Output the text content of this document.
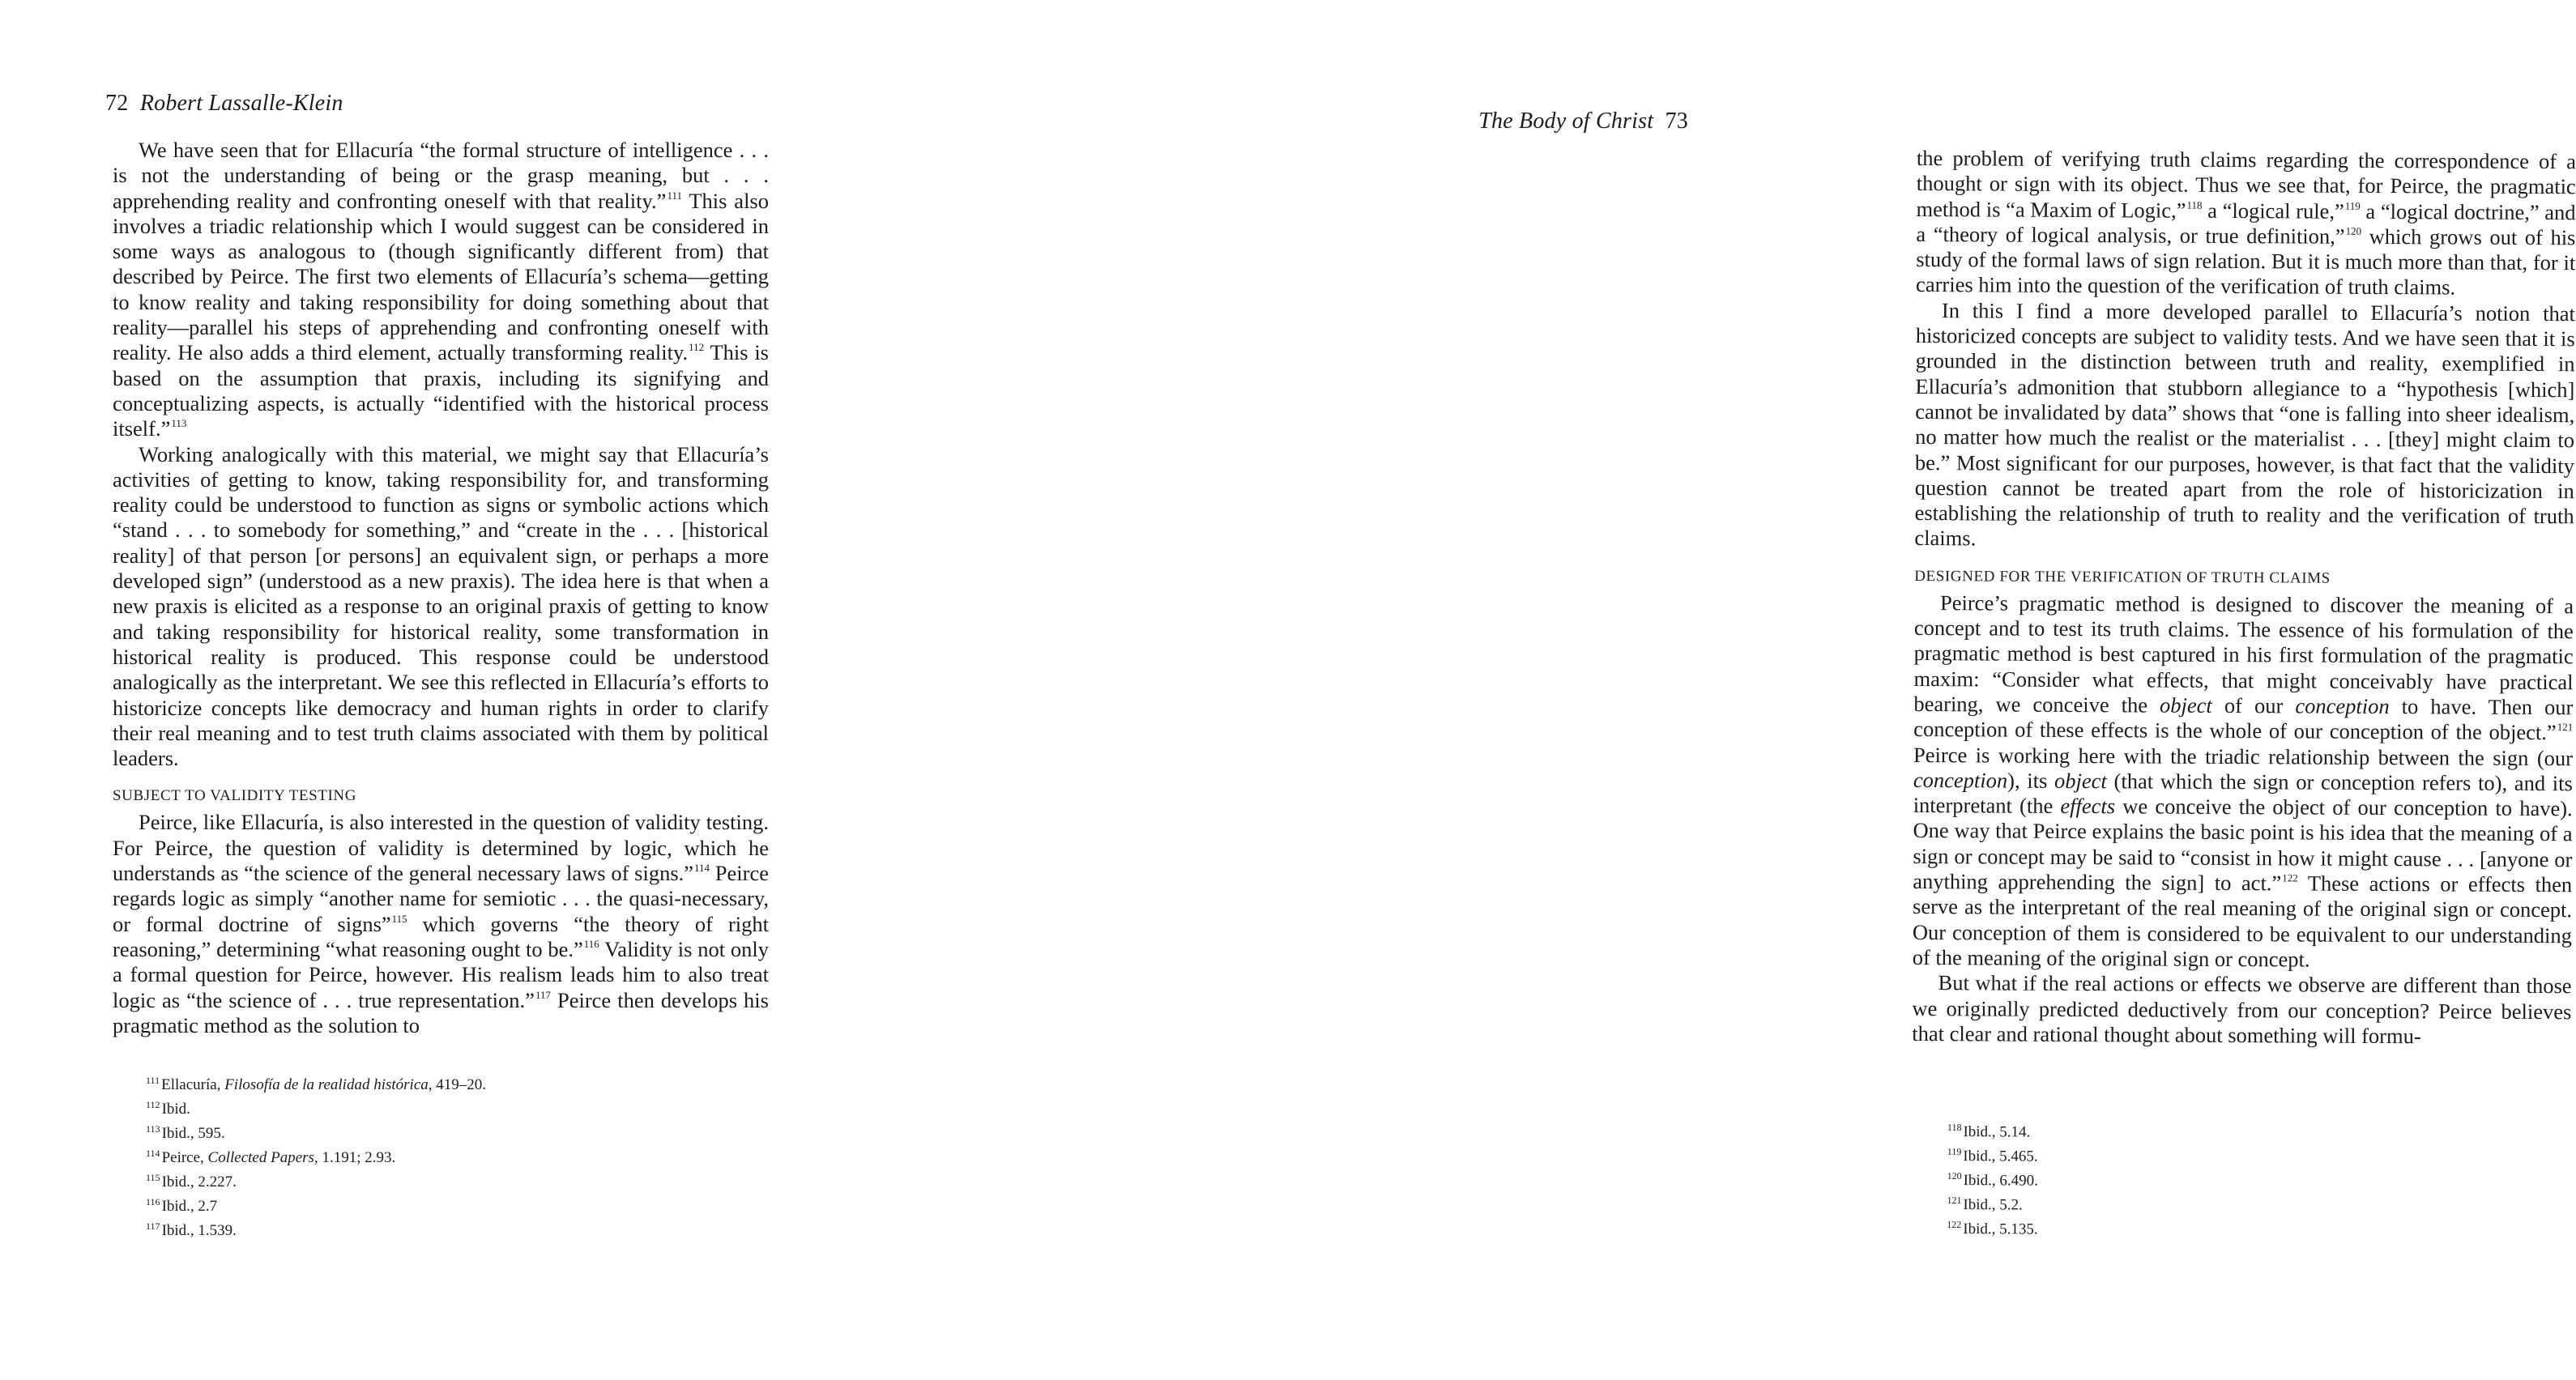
72 Robert Lassalle-Klein

We have seen that for Ellacuría “the formal structure of intelligence . . . is not the understanding of being or the grasp meaning, but . . . apprehending reality and confronting oneself with that reality.”$^{111}$ This also involves a triadic relationship which I would suggest can be considered in some ways as analogous to (though significantly different from) that described by Peirce. The first two elements of Ellacuría’s schema—getting to know reality and taking responsibility for doing something about that reality—parallel his steps of apprehending and confronting oneself with reality. He also adds a third element, actually transforming reality.$^{112}$ This is based on the assumption that praxis, including its signifying and conceptualizing aspects, is actually “identified with the historical process itself.”$^{113}$

Working analogically with this material, we might say that Ellacuría’s activities of getting to know, taking responsibility for, and transforming reality could be understood to function as signs or symbolic actions which “stand . . . to somebody for something,” and “create in the . . . [historical reality] of that person [or persons] an equivalent sign, or perhaps a more developed sign” (understood as a new praxis). The idea here is that when a new praxis is elicited as a response to an original praxis of getting to know and taking responsibility for historical reality, some transformation in historical reality is produced. This response could be understood analogically as the interpretant. We see this reflected in Ellacuría’s efforts to historicize concepts like democracy and human rights in order to clarify their real meaning and to test truth claims associated with them by political leaders.

SUBJECT TO VALIDITY TESTING

Peirce, like Ellacuría, is also interested in the question of validity testing. For Peirce, the question of validity is determined by logic, which he understands as “the science of the general necessary laws of signs.”$^{114}$ Peirce regards logic as simply “another name for semiotic . . . the quasi-necessary, or formal doctrine of signs”$^{115}$ which governs “the theory of right reasoning,” determining “what reasoning ought to be.”$^{116}$ Validity is not only a formal question for Peirce, however. His realism leads him to also treat logic as “the science of . . . true representation.”$^{117}$ Peirce then develops his pragmatic method as the solution to

$^{111}$ Ellacuría, Filosofía de la realidad histórica, 419–20.
$^{112}$ Ibid.
$^{113}$ Ibid., 595.
$^{114}$ Peirce, Collected Papers, 1.191; 2.93.
$^{115}$ Ibid., 2.227.
$^{116}$ Ibid., 2.7
$^{117}$ Ibid., 1.539.
The Body of Christ 73

the problem of verifying truth claims regarding the correspondence of a thought or sign with its object. Thus we see that, for Peirce, the pragmatic method is “a Maxim of Logic,”$^{118}$ a “logical rule,”$^{119}$ a “logical doctrine,” and a “theory of logical analysis, or true definition,”$^{120}$ which grows out of his study of the formal laws of sign relation. But it is much more than that, for it carries him into the question of the verification of truth claims.

In this I find a more developed parallel to Ellacuría’s notion that historicized concepts are subject to validity tests. And we have seen that it is grounded in the distinction between truth and reality, exemplified in Ellacuría’s admonition that stubborn allegiance to a “hypothesis [which] cannot be invalidated by data” shows that “one is falling into sheer idealism, no matter how much the realist or the materialist . . . [they] might claim to be.” Most significant for our purposes, however, is that fact that the validity question cannot be treated apart from the role of historicization in establishing the relationship of truth to reality and the verification of truth claims.

DESIGNED FOR THE VERIFICATION OF TRUTH CLAIMS

Peirce’s pragmatic method is designed to discover the meaning of a concept and to test its truth claims. The essence of his formulation of the pragmatic method is best captured in his first formulation of the pragmatic maxim: “Consider what effects, that might conceivably have practical bearing, we conceive the object of our conception to have. Then our conception of these effects is the whole of our conception of the object.”$^{121}$ Peirce is working here with the triadic relationship between the sign (our conception), its object (that which the sign or conception refers to), and its interpretant (the effects we conceive the object of our conception to have). One way that Peirce explains the basic point is his idea that the meaning of a sign or concept may be said to “consist in how it might cause . . . [anyone or anything apprehending the sign] to act.”$^{122}$ These actions or effects then serve as the interpretant of the real meaning of the original sign or concept. Our conception of them is considered to be equivalent to our understanding of the meaning of the original sign or concept.

But what if the real actions or effects we observe are different than those we originally predicted deductively from our conception? Peirce believes that clear and rational thought about something will formu-

$^{118}$Ibid., 5.14.
$^{119}$Ibid., 5.465.
$^{120}$Ibid., 6.490.
$^{121}$Ibid., 5.2.
$^{122}$Ibid., 5.135.
